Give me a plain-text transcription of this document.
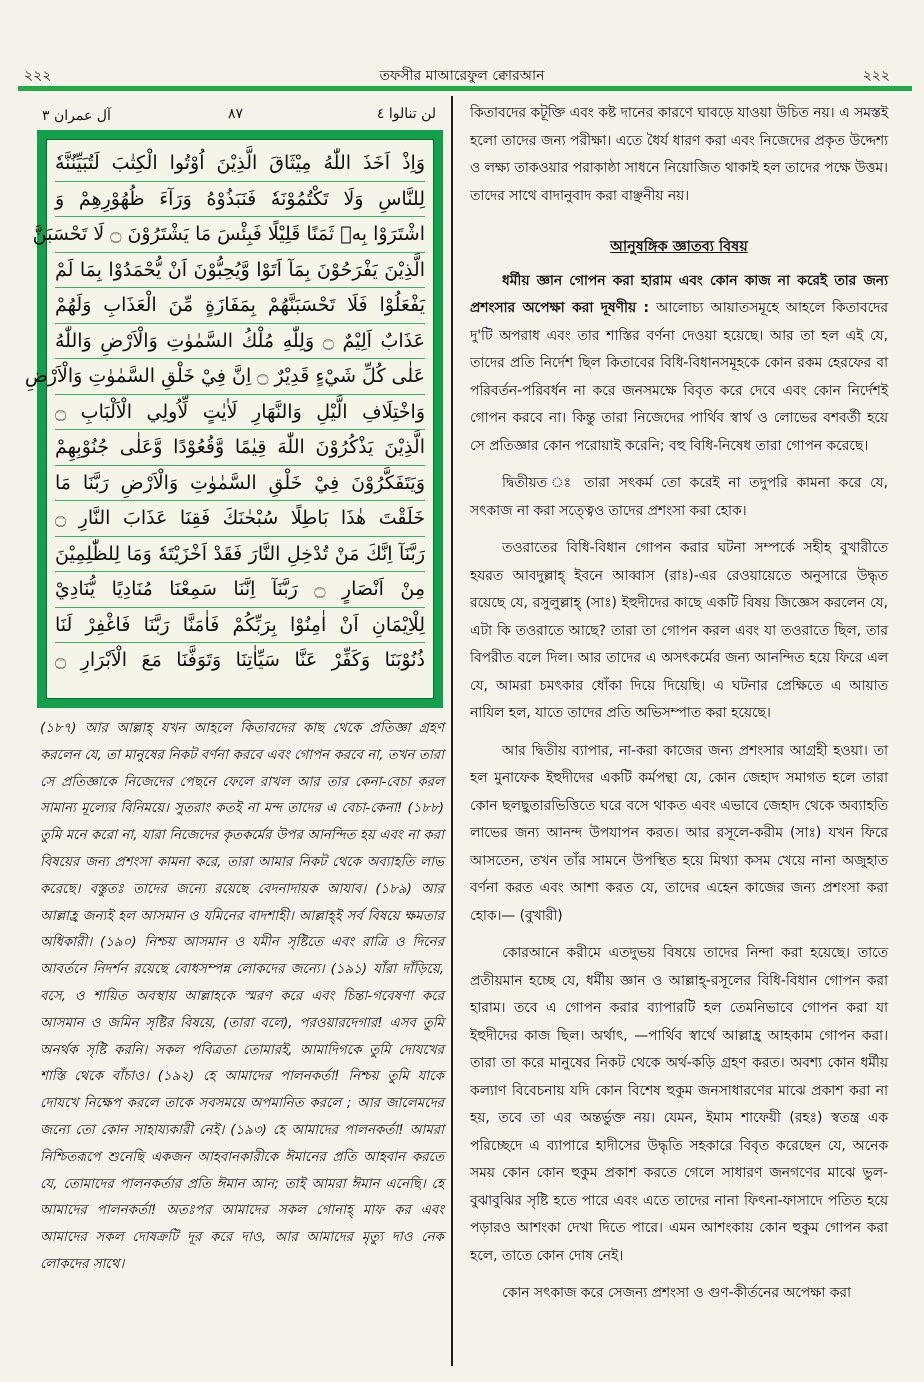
তফসীর মাআরেফুল ক্বোরআন
২২২	২২২
آل عمران ٣	٨٧	لن تنالوا ٤
وَاِذْ اَخَذَ اللّٰهُ مِيْثَاقَ الَّذِيْنَ اُوْتُوا الْكِتٰبَ لَتُبَيِّنُنَّهٗ
لِلنَّاسِ وَلَا تَكْتُمُوْنَهٗ فَنَبَذُوْهُ وَرَآءَ ظُهُوْرِهِمْ وَ
اشْتَرَوْا بِهٖ ثَمَنًا قَلِيْلًا فَبِئْسَ مَا يَشْتَرُوْنَ ۝ لَا تَحْسَبَنَّ
الَّذِيْنَ يَفْرَحُوْنَ بِمَآ اَتَوْا وَّيُحِبُّوْنَ اَنْ يُّحْمَدُوْا بِمَا لَمْ
يَفْعَلُوْا فَلَا تَحْسَبَنَّهُمْ بِمَفَازَةٍ مِّنَ الْعَذَابِ وَلَهُمْ
عَذَابٌ اَلِيْمٌ ۝ وَلِلّٰهِ مُلْكُ السَّمٰوٰتِ وَالْاَرْضِ وَاللّٰهُ
عَلٰى كُلِّ شَيْءٍ قَدِيْرٌ ۝ اِنَّ فِيْ خَلْقِ السَّمٰوٰتِ وَالْاَرْضِ
وَاخْتِلَافِ الَّيْلِ وَالنَّهَارِ لَاٰيٰتٍ لِّاُولِي الْاَلْبَابِ ۝
الَّذِيْنَ يَذْكُرُوْنَ اللّٰهَ قِيٰمًا وَّقُعُوْدًا وَّعَلٰى جُنُوْبِهِمْ
وَيَتَفَكَّرُوْنَ فِيْ خَلْقِ السَّمٰوٰتِ وَالْاَرْضِ رَبَّنَا مَا
خَلَقْتَ هٰذَا بَاطِلًا سُبْحٰنَكَ فَقِنَا عَذَابَ النَّارِ ۝
رَبَّنَآ اِنَّكَ مَنْ تُدْخِلِ النَّارَ فَقَدْ اَخْزَيْتَهٗ وَمَا لِلظّٰلِمِيْنَ
مِنْ اَنْصَارٍ ۝ رَبَّنَآ اِنَّنَا سَمِعْنَا مُنَادِيًا يُّنَادِيْ
لِلْاِيْمَانِ اَنْ اٰمِنُوْا بِرَبِّكُمْ فَاٰمَنَّا رَبَّنَا فَاغْفِرْ لَنَا
ذُنُوْبَنَا وَكَفِّرْ عَنَّا سَيِّاٰتِنَا وَتَوَفَّنَا مَعَ الْاَبْرَارِ ۝

(১৮৭) আর আল্লাহ্ যখন আহলে কিতাবদের কাছ থেকে প্রতিজ্ঞা গ্রহণ করলেন যে, তা মানুষের নিকট বর্ণনা করবে এবং গোপন করবে না, তখন তারা সে প্রতিজ্ঞাকে নিজেদের পেছনে ফেলে রাখল আর তার কেনা-বেচা করল সামান্য মূল্যের বিনিময়ে। সুতরাং কতই না মন্দ তাদের এ বেচা-কেনা! (১৮৮) তুমি মনে করো না, যারা নিজেদের কৃতকর্মের উপর আনন্দিত হয় এবং না করা বিষয়ের জন্য প্রশংসা কামনা করে, তারা আমার নিকট থেকে অব্যাহতি লাভ করেছে। বস্তুতঃ তাদের জন্যে রয়েছে বেদনাদায়ক আযাব। (১৮৯) আর আল্লাহ্র জন্যই হল আসমান ও যমিনের বাদশাহী। আল্লাহ্ই সর্ব বিষয়ে ক্ষমতার অধিকারী। (১৯০) নিশ্চয় আসমান ও যমীন সৃষ্টিতে এবং রাত্রি ও দিনের আবর্তনে নিদর্শন রয়েছে বোধসম্পন্ন লোকদের জন্যে। (১৯১) যাঁরা দাঁড়িয়ে, বসে, ও শায়িত অবস্থায় আল্লাহকে স্মরণ করে এবং চিন্তা-গবেষণা করে আসমান ও জমিন সৃষ্টির বিষয়ে, (তারা বলে), পরওয়ারদেগার! এসব তুমি অনর্থক সৃষ্টি করনি। সকল পবিত্রতা তোমারই, আমাদিগকে তুমি দোযখের শাস্তি থেকে বাঁচাও। (১৯২) হে আমাদের পালনকর্তা! নিশ্চয় তুমি যাকে দোযখে নিক্ষেপ করলে তাকে সবসময়ে অপমানিত করলে ; আর জালেমদের জন্যে তো কোন সাহায্যকারী নেই। (১৯৩) হে আমাদের পালনকর্তা! আমরা নিশ্চিতরূপে শুনেছি একজন আহবানকারীকে ঈমানের প্রতি আহবান করতে যে, তোমাদের পালনকর্তার প্রতি ঈমান আন; তাই আমরা ঈমান এনেছি। হে আমাদের পালনকর্তা! অতঃপর আমাদের সকল গোনাহ্ মাফ কর এবং আমাদের সকল দোষক্রটি দূর করে দাও, আর আমাদের মৃত্যু দাও নেক লোকদের সাথে।

কিতাবদের কটূক্তি এবং কষ্ট দানের কারণে ঘাবড়ে যাওয়া উচিত নয়। এ সমস্তই হলো তাদের জন্য পরীক্ষা। এতে ধৈর্য ধারণ করা এবং নিজেদের প্রকৃত উদ্দেশ্য ও লক্ষ্য তাকওয়ার পরাকাষ্ঠা সাধনে নিয়োজিত থাকাই হল তাদের পক্ষে উত্তম। তাদের সাথে বাদানুবাদ করা বাঞ্ছনীয় নয়।

আনুষঙ্গিক জ্ঞাতব্য বিষয়

ধর্মীয় জ্ঞান গোপন করা হারাম এবং কোন কাজ না করেই তার জন্য প্রশংসার অপেক্ষা করা দূষণীয় : আলোচ্য আয়াতসমূহে আহলে কিতাবদের দু'টি অপরাধ এবং তার শাস্তির বর্ণনা দেওয়া হয়েছে। আর তা হল এই যে, তাদের প্রতি নির্দেশ ছিল কিতাবের বিধি-বিধানসমূহকে কোন রকম হেরফের বা পরিবর্তন-পরিবর্ধন না করে জনসমক্ষে বিবৃত করে দেবে এবং কোন নির্দেশই গোপন করবে না। কিন্তু তারা নিজেদের পার্থিব স্বার্থ ও লোভের বশবর্তী হয়ে সে প্রতিজ্ঞার কোন পরোয়াই করেনি; বহু বিধি-নিষেধ তারা গোপন করেছে।

দ্বিতীয়ত ঃ তারা সৎকর্ম তো করেই না তদুপরি কামনা করে যে, সৎকাজ না করা সত্ত্বেও তাদের প্রশংসা করা হোক।

তওরাতের বিধি-বিধান গোপন করার ঘটনা সম্পর্কে সহীহ বুখারীতে হযরত আবদুল্লাহ্ ইবনে আব্বাস (রাঃ)-এর রেওয়ায়েতে অনুসারে উদ্ধৃত রয়েছে যে, রসুলুল্লাহ্ (সাঃ) ইহুদীদের কাছে একটি বিষয় জিজ্ঞেস করলেন যে, এটা কি তওরাতে আছে? তারা তা গোপন করল এবং যা তওরাতে ছিল, তার বিপরীত বলে দিল। আর তাদের এ অসৎকর্মের জন্য আনন্দিত হয়ে ফিরে এল যে, আমরা চমৎকার ধোঁকা দিয়ে দিয়েছি। এ ঘটনার প্রেক্ষিতে এ আয়াত নাযিল হল, যাতে তাদের প্রতি অভিসম্পাত করা হয়েছে।

আর দ্বিতীয় ব্যাপার, না-করা কাজের জন্য প্রশংসার আগ্রহী হওয়া। তা হল মুনাফেক ইহুদীদের একটি কর্মপন্থা যে, কোন জেহাদ সমাগত হলে তারা কোন ছলছুতারভিত্তিতে ঘরে বসে থাকত এবং এভাবে জেহাদ থেকে অব্যাহতি লাভের জন্য আনন্দ উপযাপন করত। আর রসূলে-করীম (সাঃ) যখন ফিরে আসতেন, তখন তাঁর সামনে উপস্থিত হয়ে মিথ্যা কসম খেয়ে নানা অজুহাত বর্ণনা করত এবং আশা করত যে, তাদের এহেন কাজের জন্য প্রশংসা করা হোক।— (বুখারী)

কোরআনে করীমে এতদুভয় বিষয়ে তাদের নিন্দা করা হয়েছে। তাতে প্রতীয়মান হচ্ছে যে, ধর্মীয় জ্ঞান ও আল্লাহ্-রসূলের বিধি-বিধান গোপন করা হারাম। তবে এ গোপন করার ব্যাপারটি হল তেমনিভাবে গোপন করা যা ইহুদীদের কাজ ছিল। অর্থাৎ, —পার্থিব স্বার্থে আল্লাহ্র আহকাম গোপন করা। তারা তা করে মানুষের নিকট থেকে অর্থ-কড়ি গ্রহণ করত। অবশ্য কোন ধর্মীয় কল্যাণ বিবেচনায় যদি কোন বিশেষ হুকুম জনসাধারণের মাঝে প্রকাশ করা না হয়, তবে তা এর অন্তর্ভুক্ত নয়। যেমন, ইমাম শাফেয়ী (রহঃ) স্বতন্ত্র এক পরিচ্ছেদে এ ব্যাপারে হাদীসের উদ্ধৃতি সহকারে বিবৃত করেছেন যে, অনেক সময় কোন কোন হুকুম প্রকাশ করতে গেলে সাধারণ জনগণের মাঝে ভুল-বুঝাবুঝির সৃষ্টি হতে পারে এবং এতে তাদের নানা ফিৎনা-ফাসাদে পতিত হয়ে পড়ারও আশংকা দেখা দিতে পারে। এমন আশংকায় কোন হুকুম গোপন করা হলে, তাতে কোন দোষ নেই।

কোন সৎকাজ করে সেজন্য প্রশংসা ও গুণ-কীর্তনের অপেক্ষা করা
